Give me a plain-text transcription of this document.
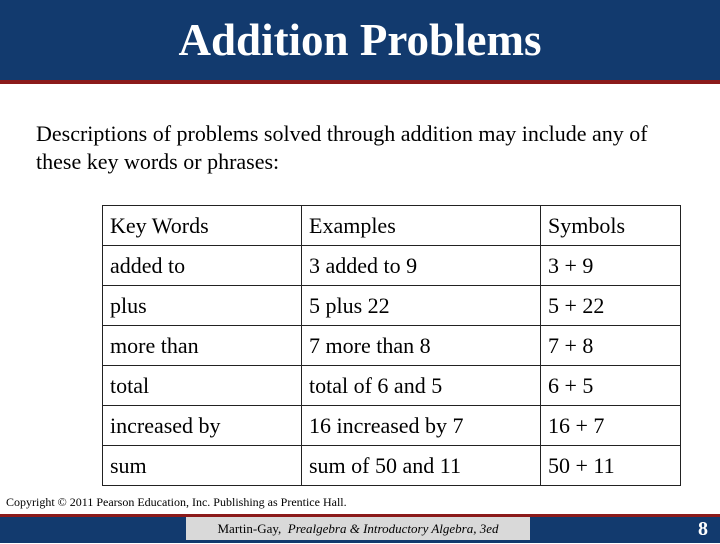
Addition Problems
Descriptions of problems solved through addition may include any of these key words or phrases:
Key Words	Examples	Symbols
added to	3 added to 9	3 + 9
plus	5 plus 22	5 + 22
more than	7 more than 8	7 + 8
total	total of 6 and 5	6 + 5
increased by	16 increased by 7	16 + 7
sum	sum of 50 and 11	50 + 11
Copyright © 2011 Pearson Education, Inc. Publishing as Prentice Hall.
Martin-Gay,
Prealgebra & Introductory Algebra, 3ed	8
